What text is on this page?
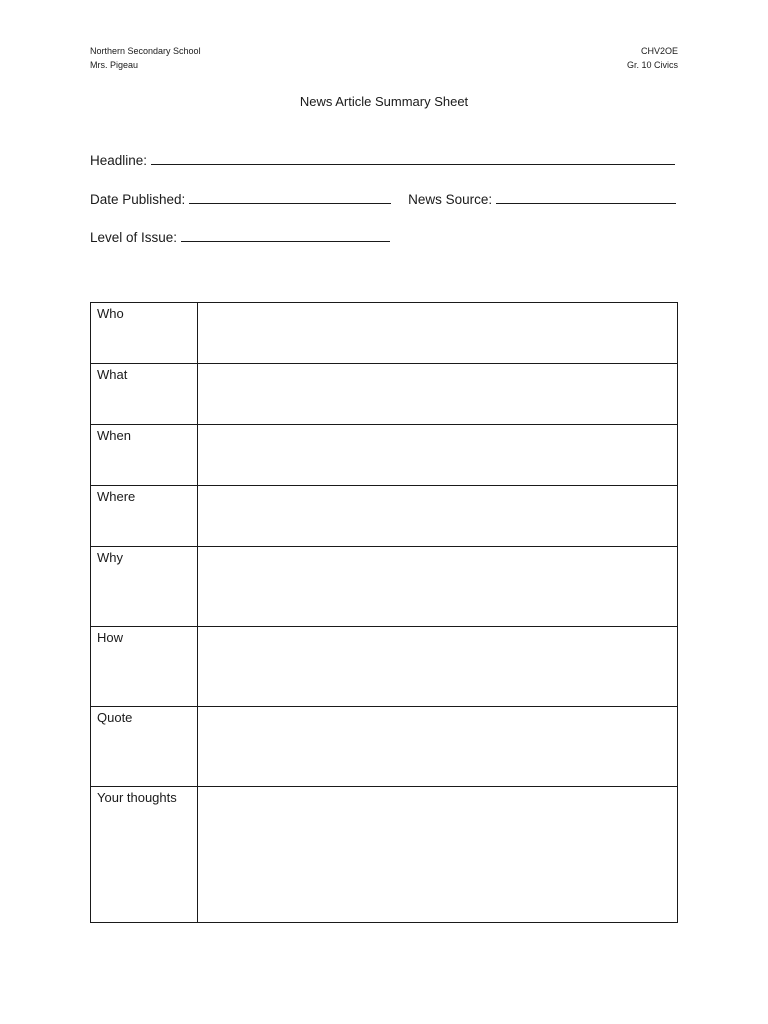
Northern Secondary School
Mrs. Pigeau
CHV2OE
Gr. 10 Civics
News Article Summary Sheet
Headline:
Date Published:	News Source:
Level of Issue:
Who	
What	
When	
Where	
Why	
How	
Quote	
Your thoughts	
